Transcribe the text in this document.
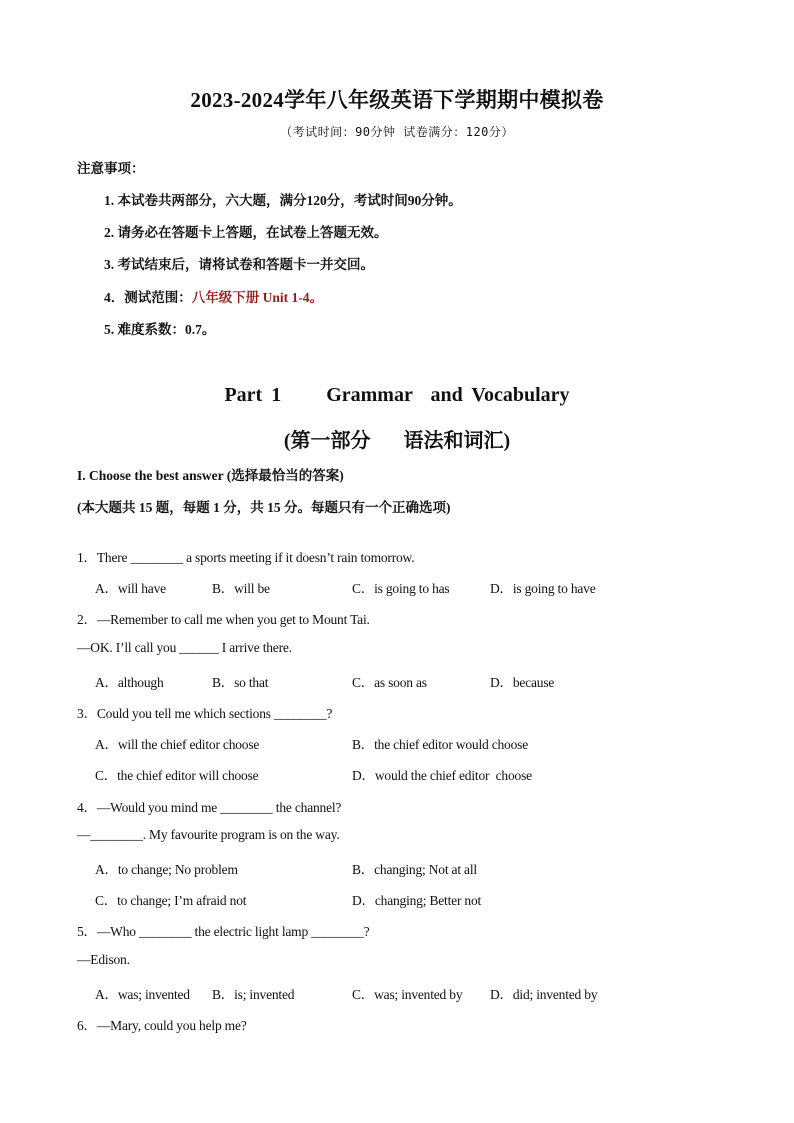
2023-2024学年八年级英语下学期期中模拟卷
（考试时间：90分钟 试卷满分：120分）
注意事项：
1. 本试卷共两部分，六大题，满分120分，考试时间90分钟。
2. 请务必在答题卡上答题，在试卷上答题无效。
3. 考试结束后，请将试卷和答题卡一并交回。
4．测试范围：八年级下册 Unit 1-4。
5. 难度系数：0.7。
Part 1     Grammar  and Vocabulary
(第一部分   语法和词汇)
I. Choose the best answer (选择最恰当的答案)
(本大题共 15 题，每题 1 分，共 15 分。每题只有一个正确选项)
1．There ________ a sports meeting if it doesn’t rain tomorrow.
A．will have	B．will be	C．is going to has	D．is going to have
2．—Remember to call me when you get to Mount Tai.
—OK. I’ll call you ______ I arrive there.
A．although	B．so that	C．as soon as	D．because
3．Could you tell me which sections ________?
A．will the chief editor choose	B．the chief editor would choose
C．the chief editor will choose	D．would the chief editor  choose
4．—Would you mind me ________ the channel?
—________. My favourite program is on the way.
A．to change; No problem	B．changing; Not at all
C．to change; I’m afraid not	D．changing; Better not
5．—Who ________ the electric light lamp ________?
—Edison.
A．was; invented B．is; invented	C．was; invented by D．did; invented by
6．—Mary, could you help me?
